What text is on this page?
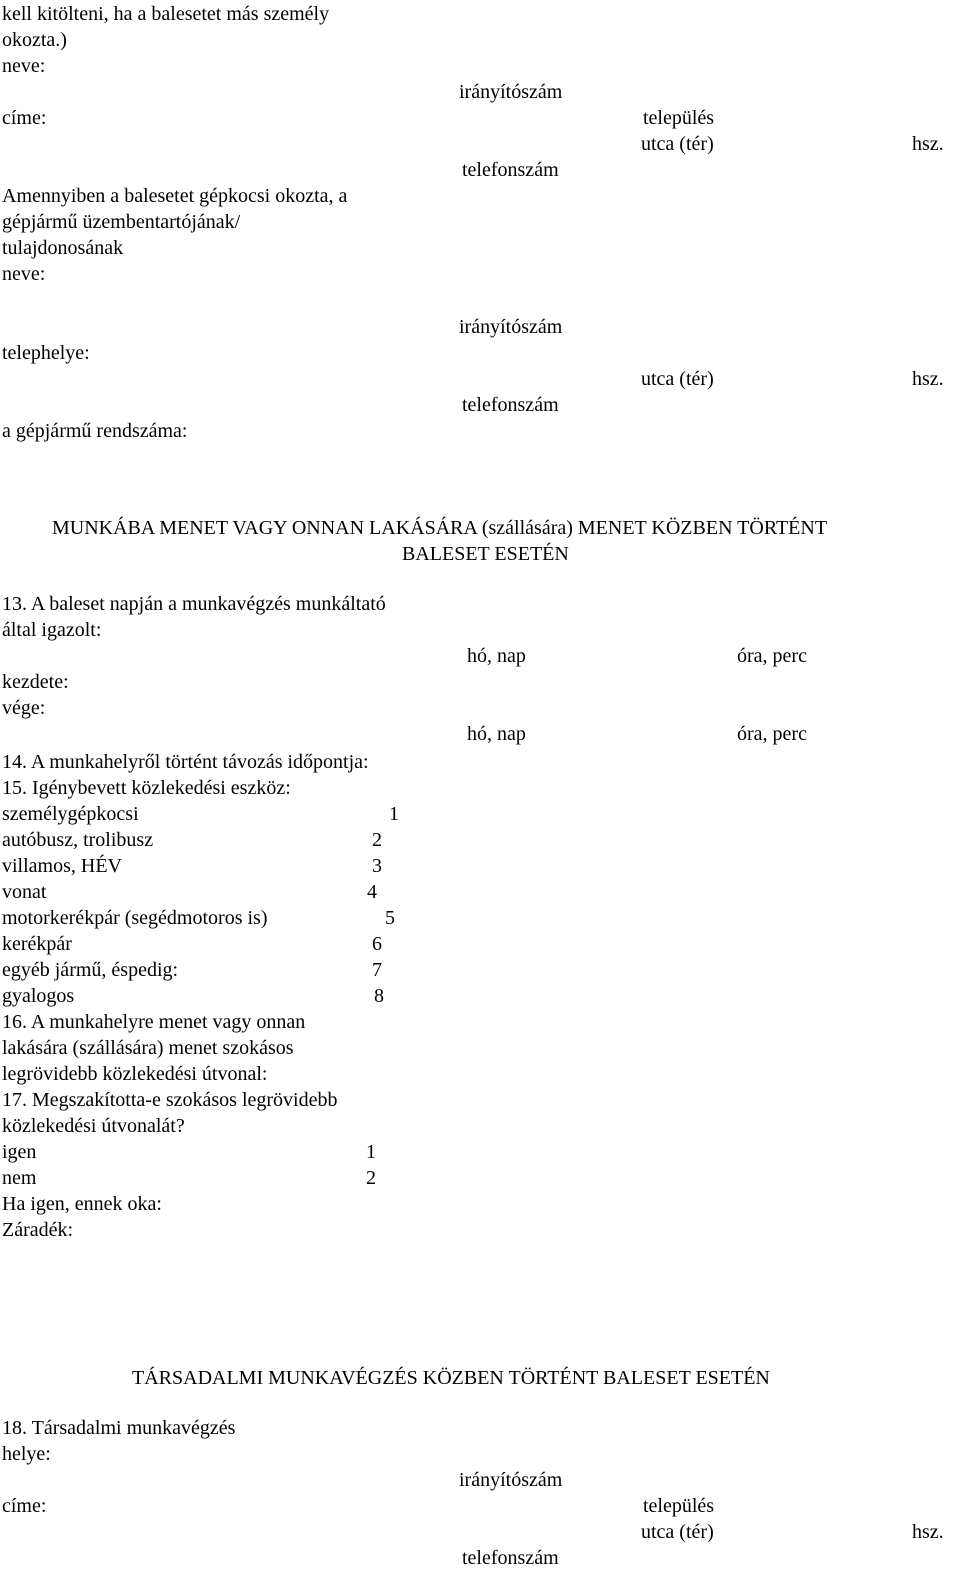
kell kitölteni, ha a balesetet más személy
okozta.)
neve:
irányítószám
címe:	település
utca (tér)	hsz.
telefonszám
Amennyiben a balesetet gépkocsi okozta, a
gépjármű üzembentartójának/
tulajdonosának
neve:
irányítószám
telephelye:
utca (tér)	hsz.
telefonszám
a gépjármű rendszáma:
MUNKÁBA MENET VAGY ONNAN LAKÁSÁRA (szállására) MENET KÖZBEN TÖRTÉNT
BALESET ESETÉN
13. A baleset napján a munkavégzés munkáltató
által igazolt:
hó, nap	óra, perc
kezdete:
vége:
hó, nap	óra, perc
14. A munkahelyről történt távozás időpontja:
15. Igénybevett közlekedési eszköz:
személygépkocsi	1
autóbusz, trolibusz	2
villamos, HÉV	3
vonat	4
motorkerékpár (segédmotoros is)	5
kerékpár	6
egyéb jármű, éspedig:	7
gyalogos	8
16. A munkahelyre menet vagy onnan
lakására (szállására) menet szokásos
legrövidebb közlekedési útvonal:
17. Megszakította-e szokásos legrövidebb
közlekedési útvonalát?
igen	1
nem	2
Ha igen, ennek oka:
Záradék:
TÁRSADALMI MUNKAVÉGZÉS KÖZBEN TÖRTÉNT BALESET ESETÉN
18. Társadalmi munkavégzés
helye:
irányítószám
címe:	település
utca (tér)	hsz.
telefonszám
